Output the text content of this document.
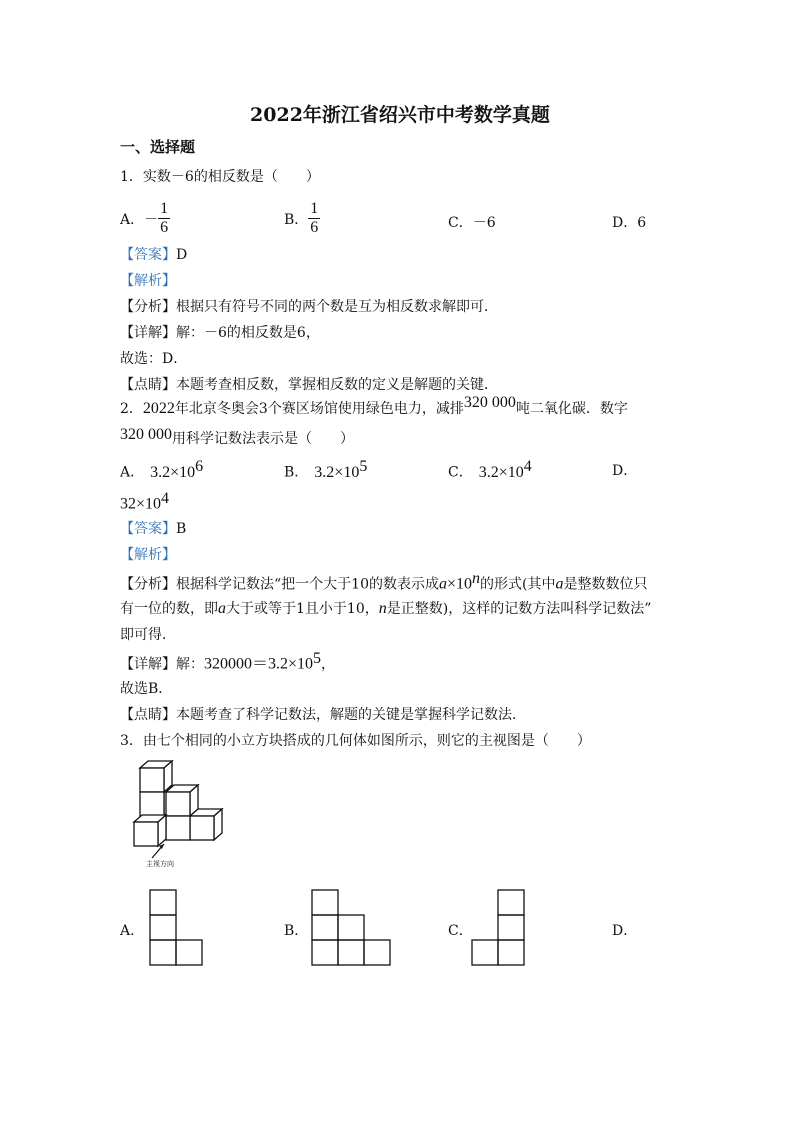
2022年浙江省绍兴市中考数学真题
一、选择题
1．实数－6的相反数是（　　）
A．－ $\frac{1}{6}$	B． $\frac{1}{6}$	C．－6	D．6
【答案】D
【解析】
【分析】根据只有符号不同的两个数是互为相反数求解即可．
【详解】解：－6的相反数是6，
故选：D．
【点睛】本题考查相反数，掌握相反数的定义是解题的关键．
2．2022年北京冬奥会3个赛区场馆使用绿色电力，减排320 000吨二氧化碳．数字
320 000用科学记数法表示是（　　）
A． $3.2\times 10^6$	B． $3.2\times 10^5$	C． $3.2\times 10^4$	D．
$32\times 10^4$
【答案】B
【解析】
【分析】根据科学记数法“把一个大于10的数表示成$a\times 10^n$的形式(其中a是整数数位只
有一位的数，即a大于或等于1且小于10，n是正整数)，这样的记数方法叫科学记数法”
即可得．
【详解】解：$320000=3.2\times 10^5$，
故选B．
【点睛】本题考查了科学记数法，解题的关键是掌握科学记数法．
3．由七个相同的小立方块搭成的几何体如图所示，则它的主视图是（　　）
主视方向
A．	B．	C．	D．
